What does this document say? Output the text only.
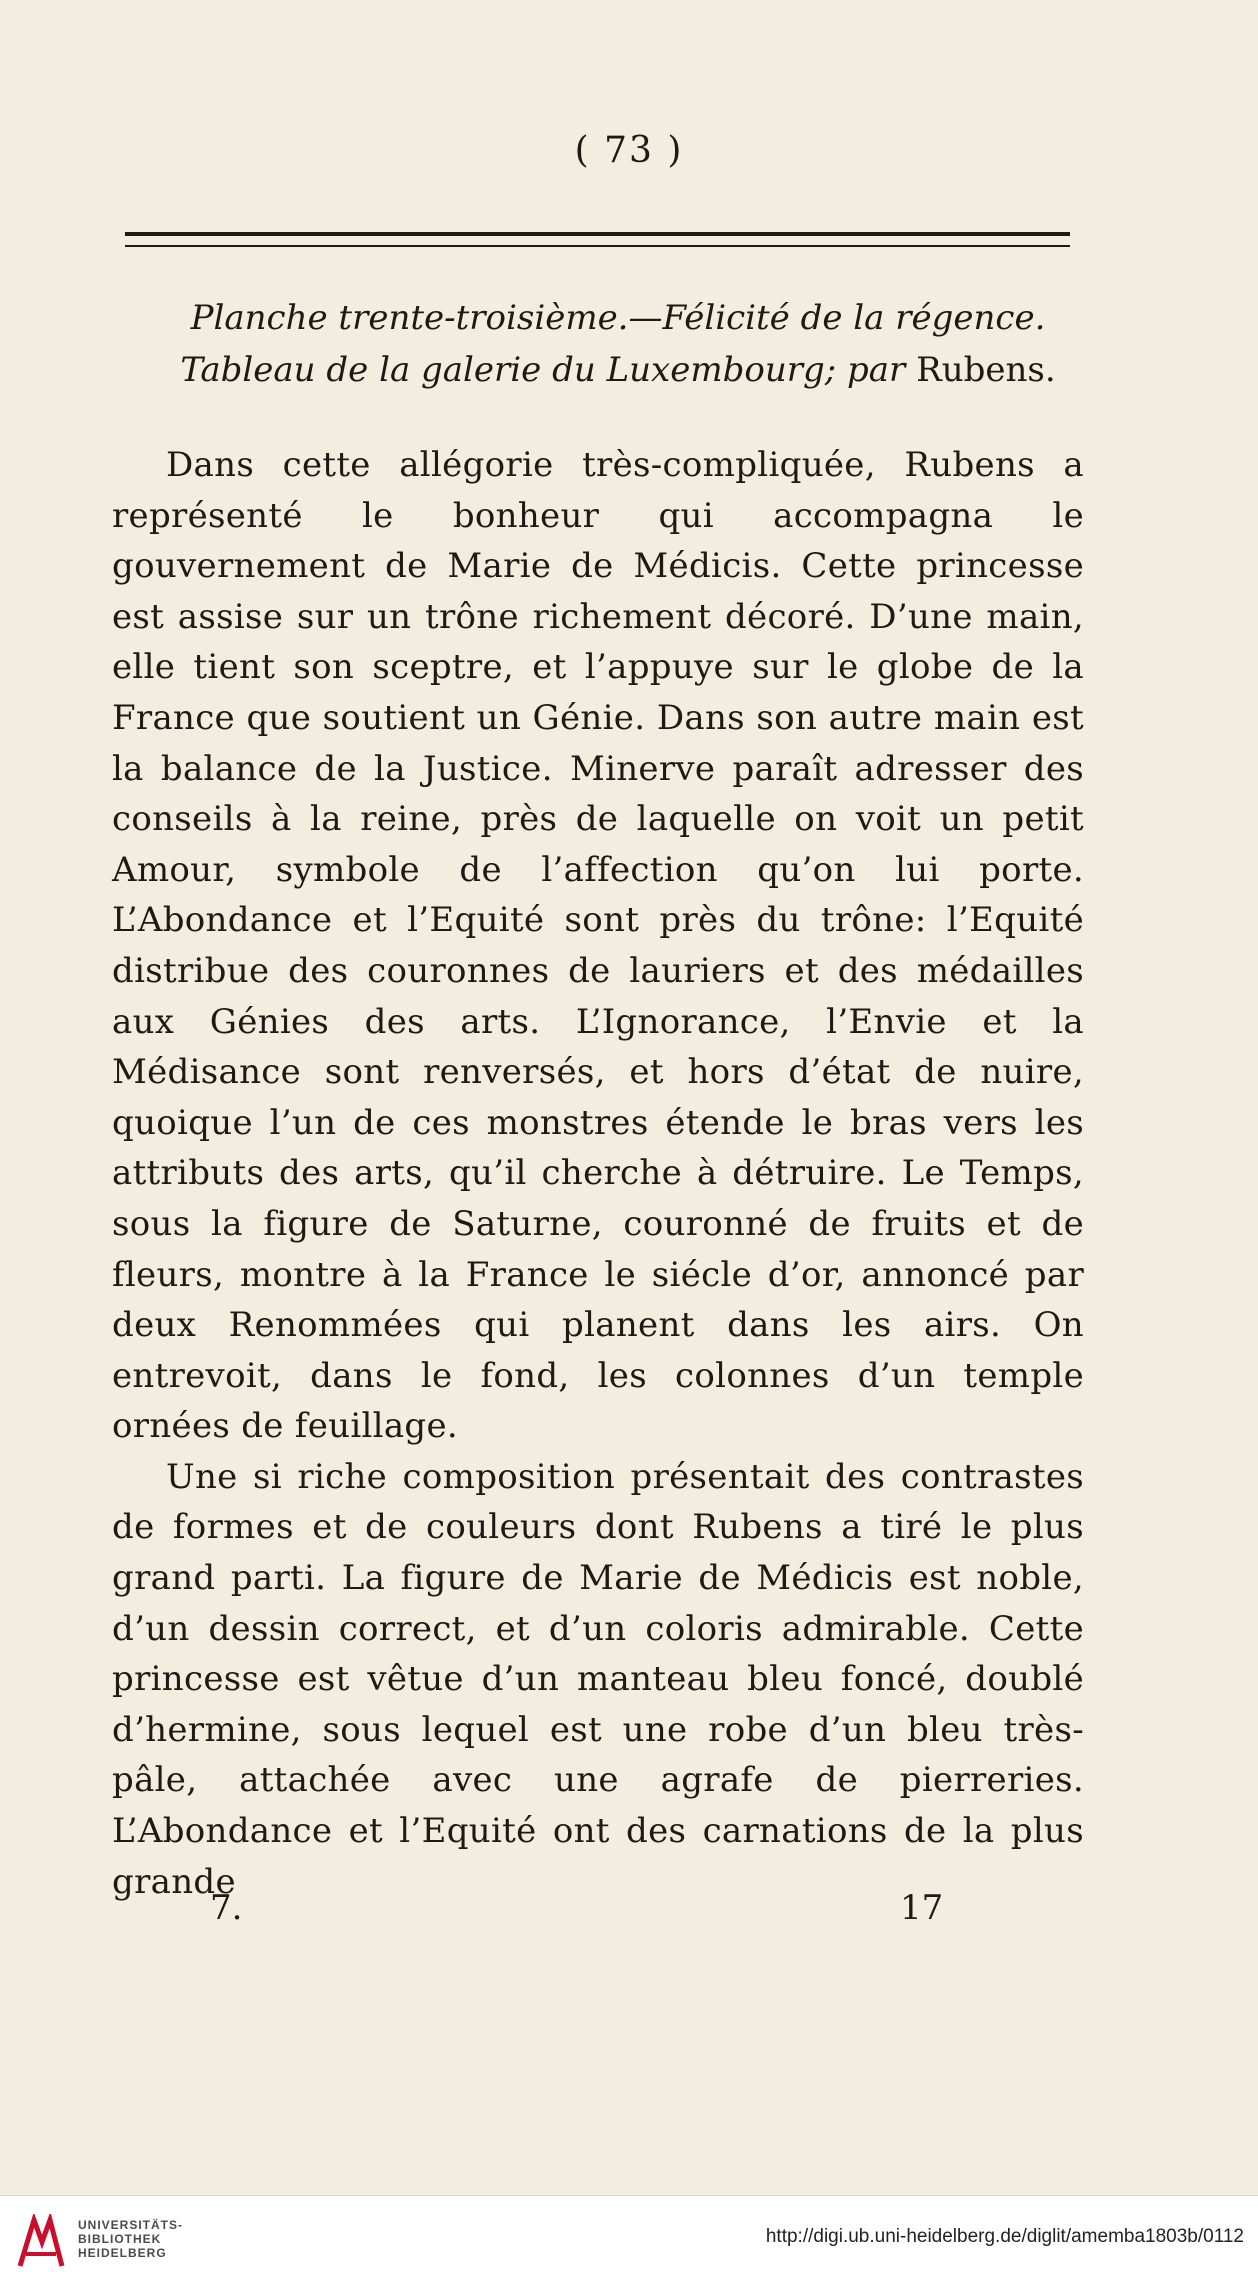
( 73 )
Planche trente-troisième.—Félicité de la régence. Tableau de la galerie du Luxembourg; par Rubens.

Dans cette allégorie très-compliquée, Rubens a représenté le bonheur qui accompagna le gouvernement de Marie de Médicis. Cette princesse est assise sur un trône richement décoré. D’une main, elle tient son sceptre, et l’appuye sur le globe de la France que soutient un Génie. Dans son autre main est la balance de la Justice. Minerve paraît adresser des conseils à la reine, près de laquelle on voit un petit Amour, symbole de l’affection qu’on lui porte. L’Abondance et l’Equité sont près du trône: l’Equité distribue des couronnes de lauriers et des médailles aux Génies des arts. L’Ignorance, l’Envie et la Médisance sont renversés, et hors d’état de nuire, quoique l’un de ces monstres étende le bras vers les attributs des arts, qu’il cherche à détruire. Le Temps, sous la figure de Saturne, couronné de fruits et de fleurs, montre à la France le siécle d’or, annoncé par deux Renommées qui planent dans les airs. On entrevoit, dans le fond, les colonnes d’un temple ornées de feuillage.

Une si riche composition présentait des contrastes de formes et de couleurs dont Rubens a tiré le plus grand parti. La figure de Marie de Médicis est noble, d’un dessin correct, et d’un coloris admirable. Cette princesse est vêtue d’un manteau bleu foncé, doublé d’hermine, sous lequel est une robe d’un bleu très-pâle, attachée avec une agrafe de pierreries. L’Abondance et l’Equité ont des carnations de la plus grande

7.	17
UNIVERSITÄTS-
BIBLIOTHEK
HEIDELBERG
http://digi.ub.uni-heidelberg.de/diglit/amemba1803b/0112
